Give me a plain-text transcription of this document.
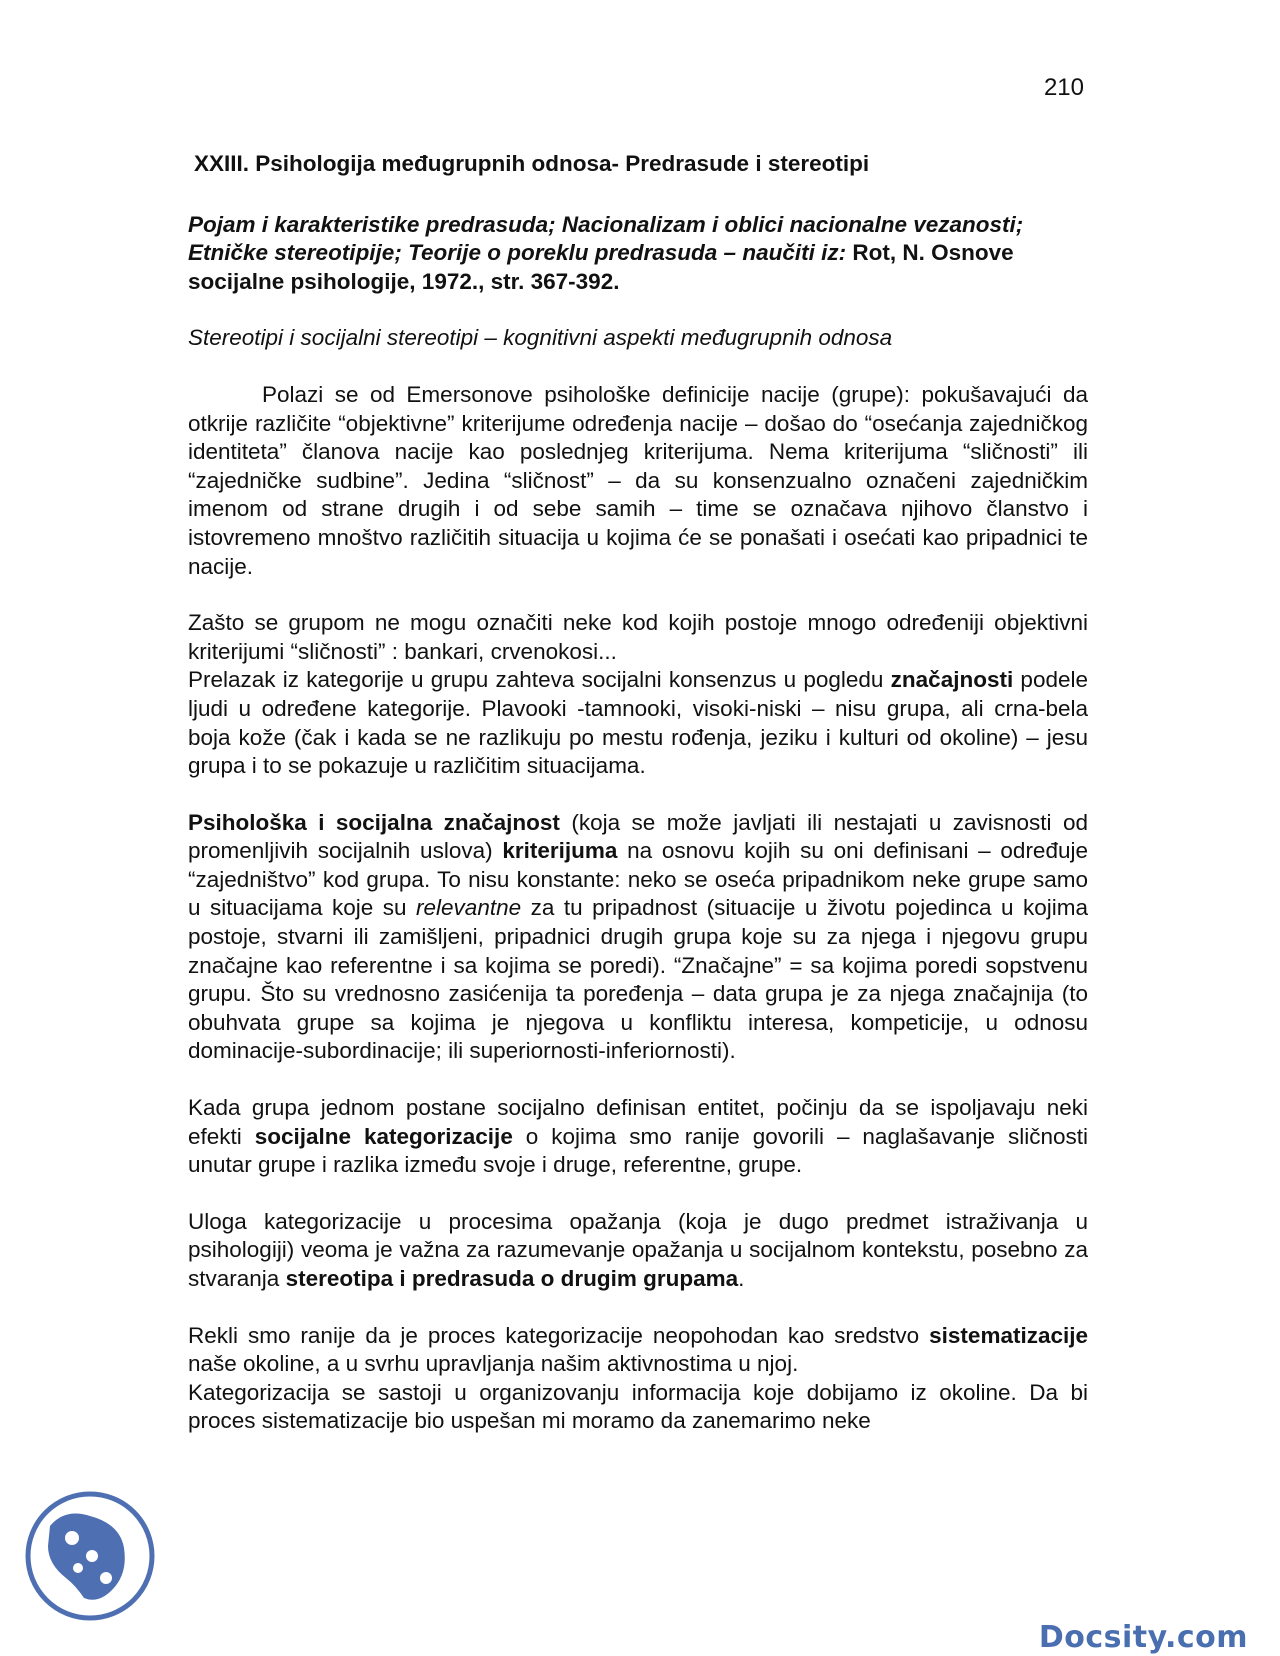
210
XXIII. Psihologija međugrupnih odnosa- Predrasude i stereotipi

Pojam i karakteristike predrasuda; Nacionalizam i oblici nacionalne vezanosti; Etničke stereotipije; Teorije o poreklu predrasuda – naučiti iz: Rot, N. Osnove socijalne psihologije, 1972., str. 367-392.

Stereotipi i socijalni stereotipi – kognitivni aspekti međugrupnih odnosa

Polazi se od Emersonove psihološke definicije nacije (grupe): pokušavajući da otkrije različite “objektivne” kriterijume određenja nacije – došao do “osećanja zajedničkog identiteta” članova nacije kao poslednjeg kriterijuma. Nema kriterijuma “sličnosti” ili “zajedničke sudbine”. Jedina “sličnost” – da su konsenzualno označeni zajedničkim imenom od strane drugih i od sebe samih – time se označava njihovo članstvo i istovremeno mnoštvo različitih situacija u kojima će se ponašati i osećati kao pripadnici te nacije.

Zašto se grupom ne mogu označiti neke kod kojih postoje mnogo određeniji objektivni kriterijumi “sličnosti” : bankari, crvenokosi...

Prelazak iz kategorije u grupu zahteva socijalni konsenzus u pogledu značajnosti podele ljudi u određene kategorije. Plavooki -tamnooki, visoki-niski – nisu grupa, ali crna-bela boja kože (čak i kada se ne razlikuju po mestu rođenja, jeziku i kulturi od okoline) – jesu grupa i to se pokazuje u različitim situacijama.

Psihološka i socijalna značajnost (koja se može javljati ili nestajati u zavisnosti od promenljivih socijalnih uslova) kriterijuma na osnovu kojih su oni definisani – određuje “zajedništvo” kod grupa. To nisu konstante: neko se oseća pripadnikom neke grupe samo u situacijama koje su relevantne za tu pripadnost (situacije u životu pojedinca u kojima postoje, stvarni ili zamišljeni, pripadnici drugih grupa koje su za njega i njegovu grupu značajne kao referentne i sa kojima se poredi). “Značajne” = sa kojima poredi sopstvenu grupu. Što su vrednosno zasićenija ta poređenja – data grupa je za njega značajnija (to obuhvata grupe sa kojima je njegova u konfliktu interesa, kompeticije, u odnosu dominacije-subordinacije; ili superiornosti-inferiornosti).

Kada grupa jednom postane socijalno definisan entitet, počinju da se ispoljavaju neki efekti socijalne kategorizacije o kojima smo ranije govorili – naglašavanje sličnosti unutar grupe i razlika između svoje i druge, referentne, grupe.

Uloga kategorizacije u procesima opažanja (koja je dugo predmet istraživanja u psihologiji) veoma je važna za razumevanje opažanja u socijalnom kontekstu, posebno za stvaranja stereotipa i predrasuda o drugim grupama.

Rekli smo ranije da je proces kategorizacije neopohodan kao sredstvo sistematizacije naše okoline, a u svrhu upravljanja našim aktivnostima u njoj.

Kategorizacija se sastoji u organizovanju informacija koje dobijamo iz okoline. Da bi proces sistematizacije bio uspešan mi moramo da zanemarimo neke

Docsity.com
